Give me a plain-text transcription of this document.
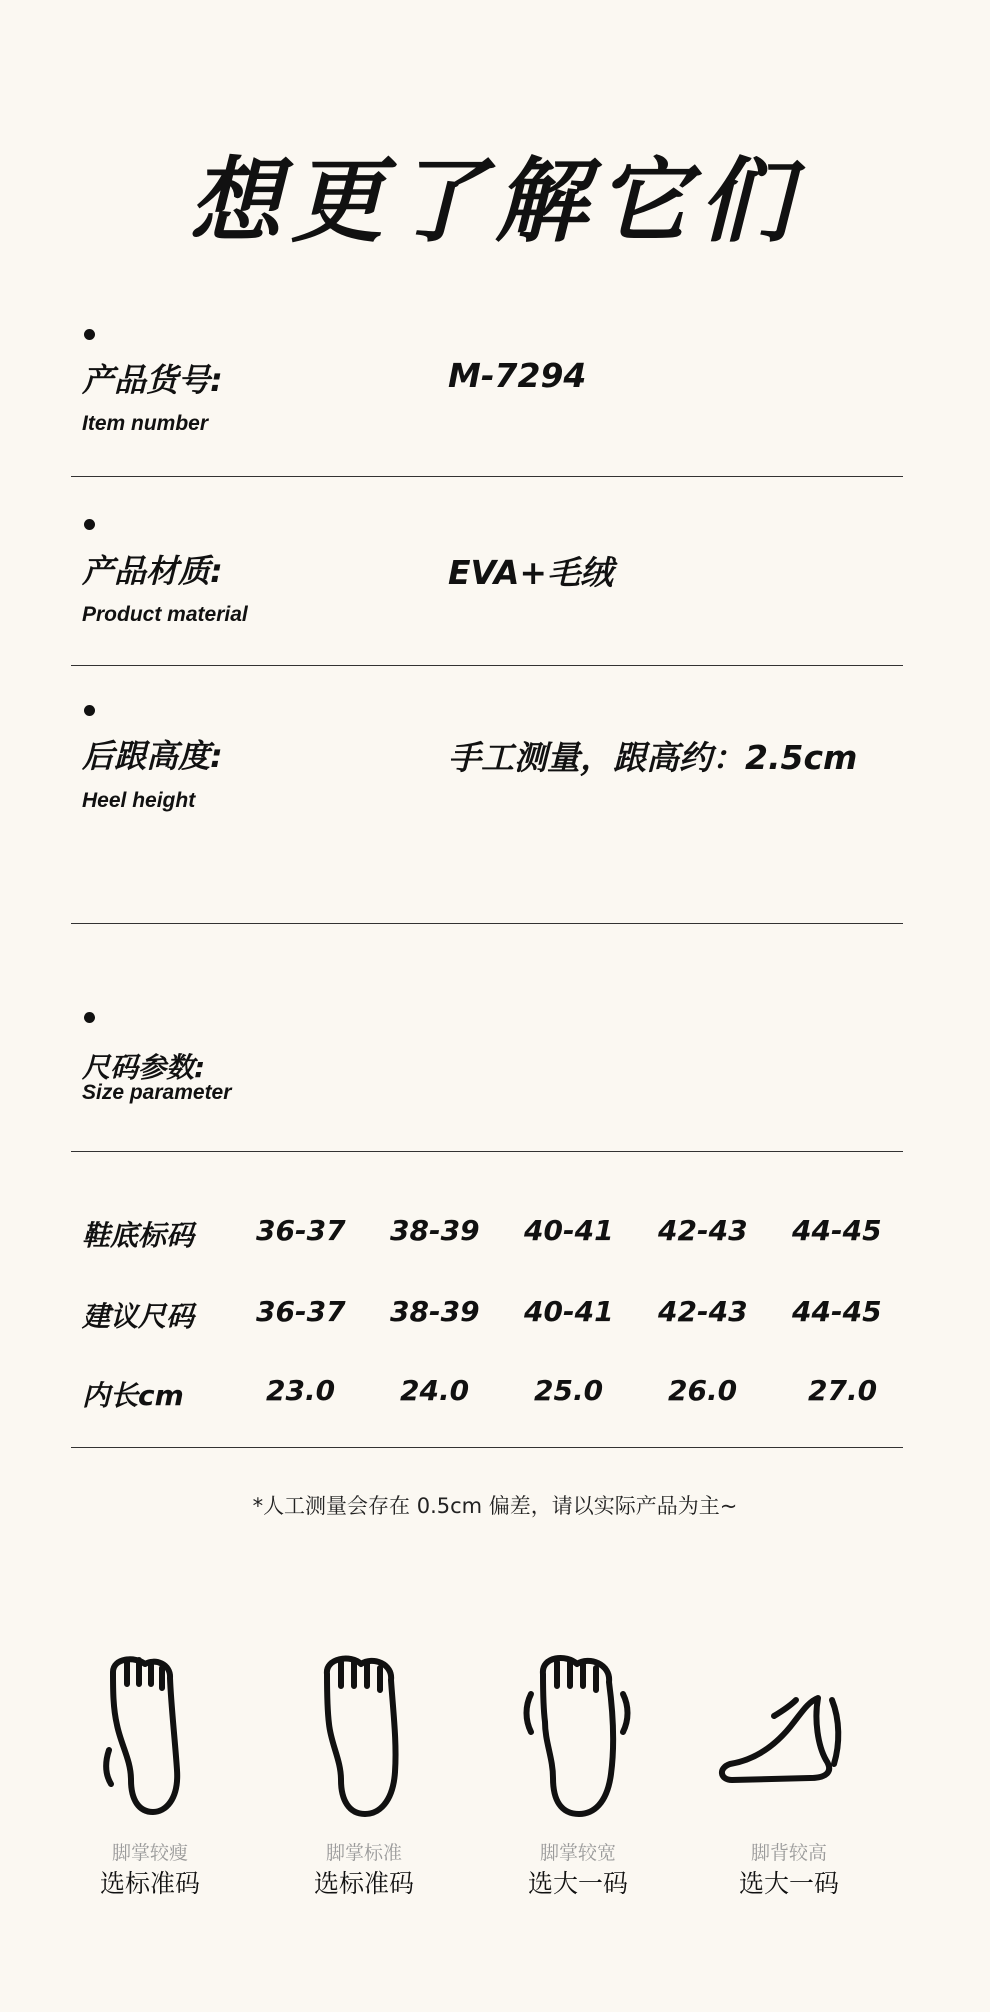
想更了解它们
产品货号:
Item number
M-7294
产品材质:
Product material
EVA+毛绒
后跟高度:
Heel height
手工测量，跟高约：2.5cm
尺码参数:
Size parameter
鞋底标码 36-37 38-39 40-41 42-43 44-45
建议尺码 36-37 38-39 40-41 42-43 44-45
内长cm	23.0 24.0 25.0 26.0	27.0
*人工测量会存在 0.5cm 偏差，请以实际产品为主~
脚掌较瘦
选标准码
脚掌标准
选标准码
脚掌较宽
选大一码
脚背较高
选大一码
